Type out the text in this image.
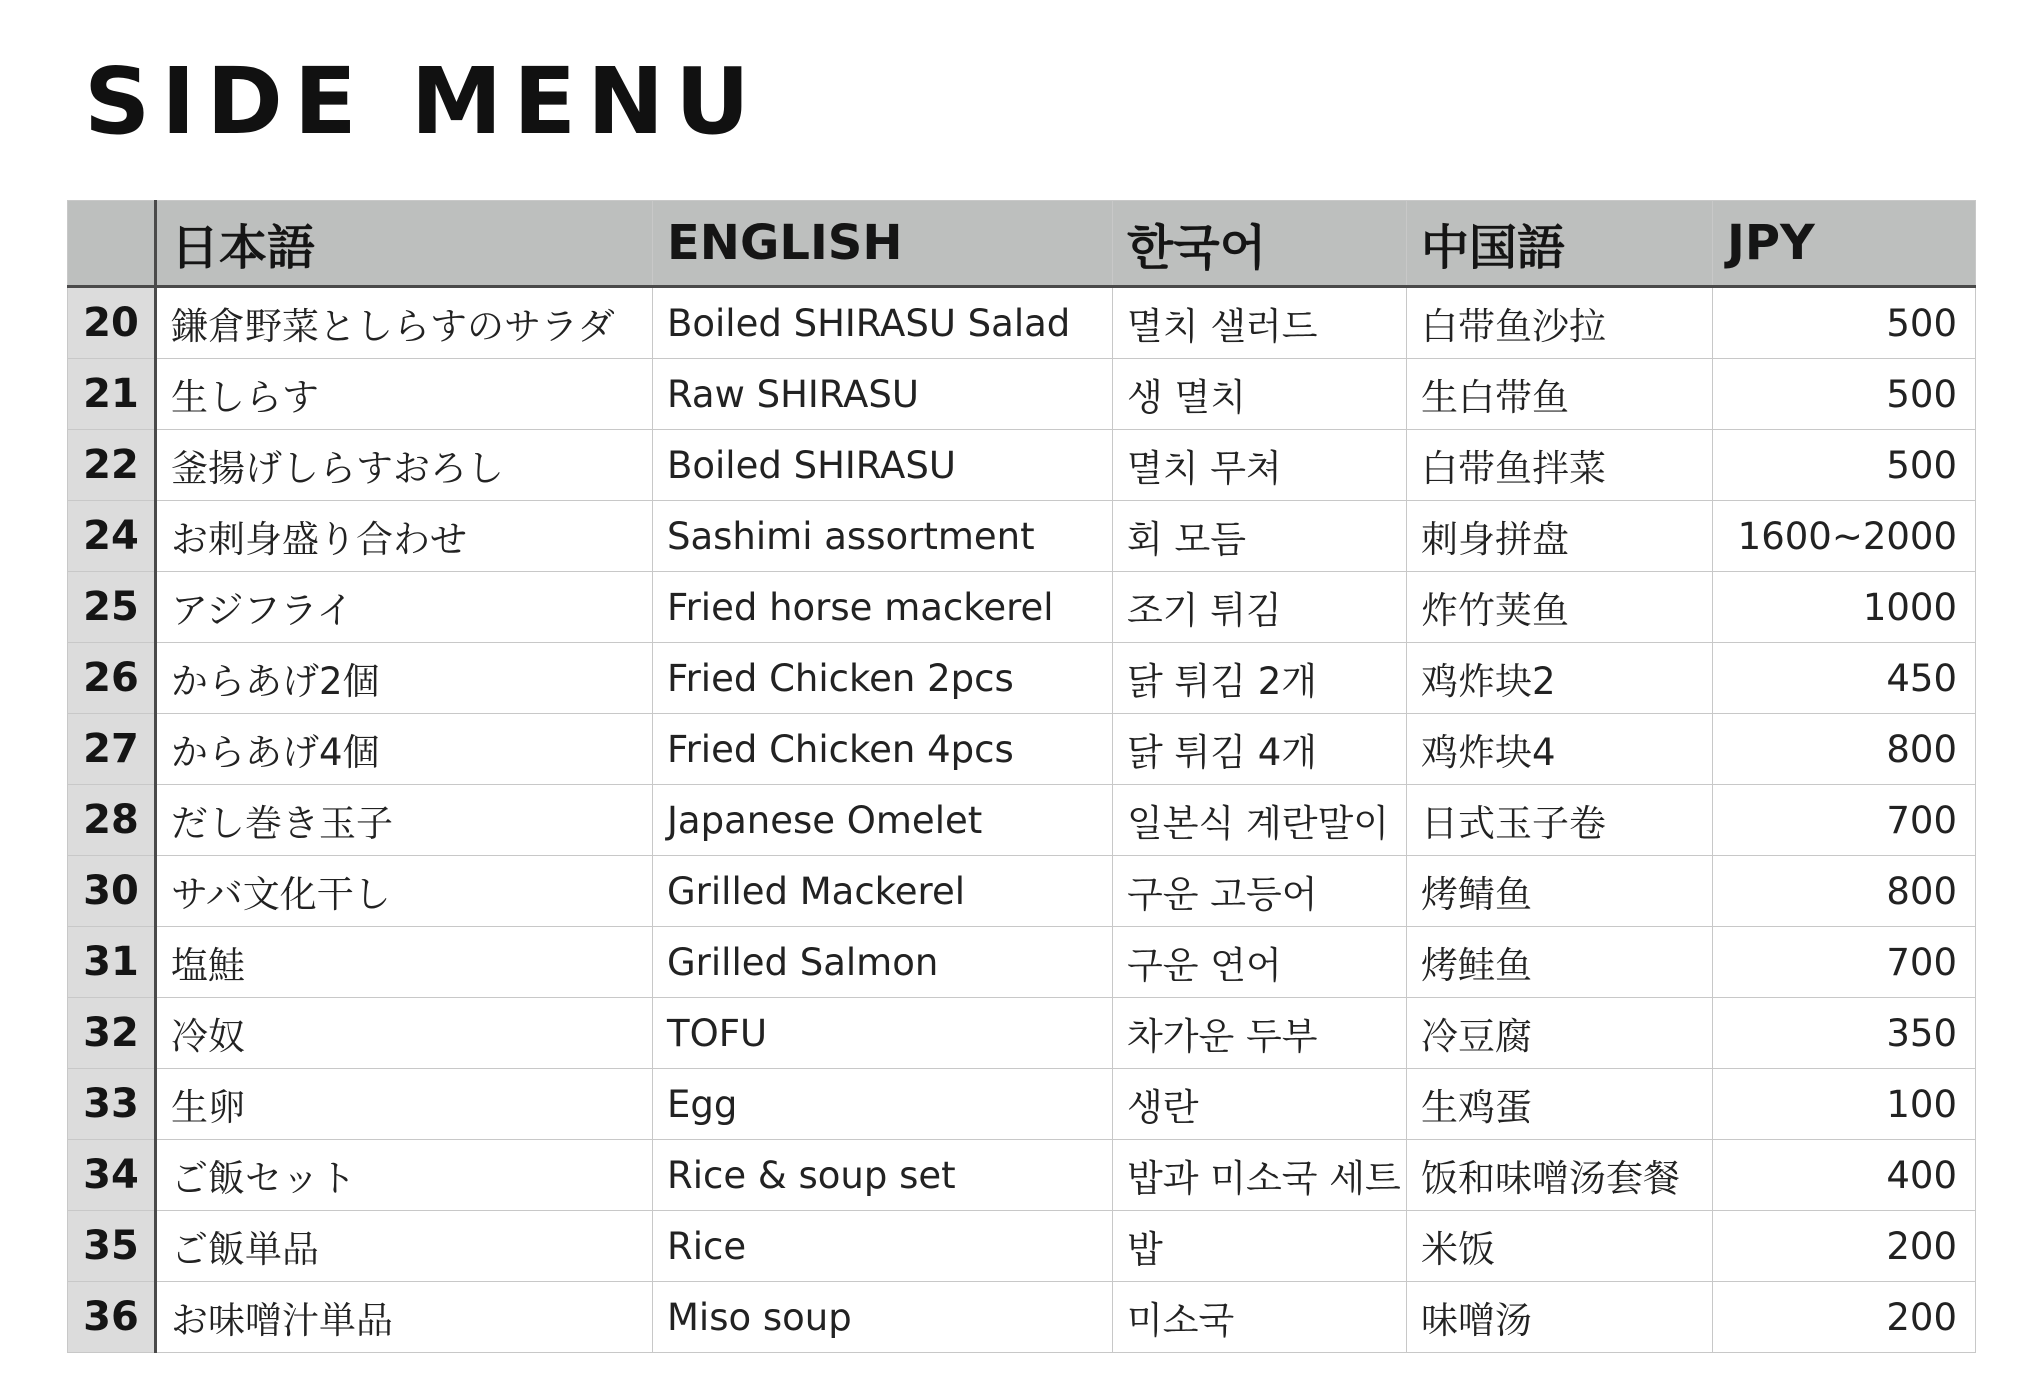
SIDE MENU
	日本語	ENGLISH	한국어	中国語	JPY
20	鎌倉野菜としらすのサラダ	Boiled SHIRASU Salad	멸치 샐러드	白带鱼沙拉	500
21	生しらす	Raw SHIRASU	생 멸치	生白带鱼	500
22	釜揚げしらすおろし	Boiled SHIRASU	멸치 무쳐	白带鱼拌菜	500
24	お刺身盛り合わせ	Sashimi assortment	회 모듬	刺身拼盘	1600~2000
25	アジフライ	Fried horse mackerel	조기 튀김	炸竹荚鱼	1000
26	からあげ2個	Fried Chicken 2pcs	닭 튀김 2개	鸡炸块2	450
27	からあげ4個	Fried Chicken 4pcs	닭 튀김 4개	鸡炸块4	800
28	だし巻き玉子	Japanese Omelet	일본식 계란말이	日式玉子卷	700
30	サバ文化干し	Grilled Mackerel	구운 고등어	烤鲭鱼	800
31	塩鮭	Grilled Salmon	구운 연어	烤鲑鱼	700
32	冷奴	TOFU	차가운 두부	冷豆腐	350
33	生卵	Egg	생란	生鸡蛋	100
34	ご飯セット	Rice & soup set	밥과 미소국 세트	饭和味噌汤套餐	400
35	ご飯単品	Rice	밥	米饭	200
36	お味噌汁単品	Miso soup	미소국	味噌汤	200
